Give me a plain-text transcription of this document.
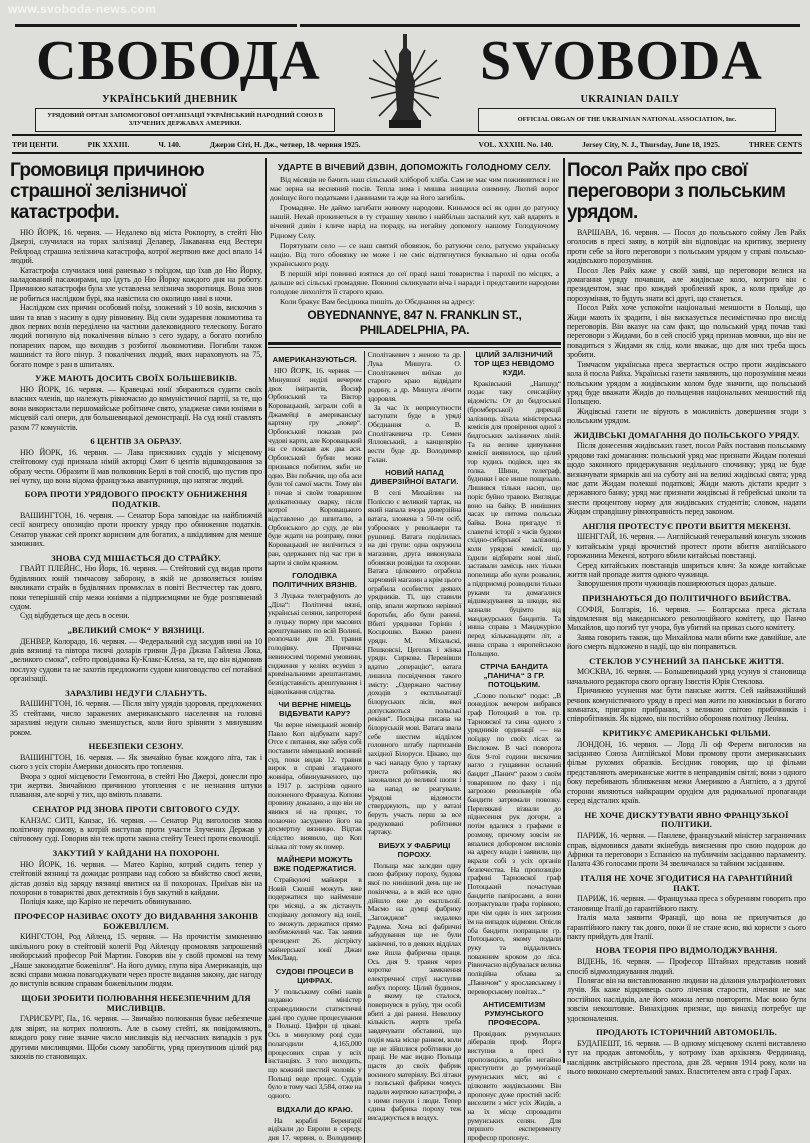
www.svoboda-news.com
СВОБОДА
УКРАЇНСЬКИЙ ДНЕВНИК
УРЯДОВИЙ ОРГАН ЗАПОМОГОВОЇ ОРГАНІЗАЦІЇ УКРАЇНСЬКИЙ НАРОДНИЙ СОЮЗ В ЗЛУЧЕНИХ ДЕРЖАВАХ АМЕРИКИ.
SVOBODA
UKRAINIAN DAILY
OFFICIAL ORGAN OF THE UKRAINIAN NATIONAL ASSOCIATION, Inc.
ТРИ ЦЕНТИ.	РІК XXXIII.	Ч. 140.	Джерзи Сіті, Н. Дж., четвер, 18. червня 1925.	VOL. XXXIII. No. 140.	Jersey City, N. J., Thursday, June 18, 1925.	THREE CENTS
Громовиця причиною страшної зелізничої катастрофи.

НЮ ЙОРК, 16. червня. — Недалеко від міста Рокпорту, в стейті Ню Джерзі, случилася на торах залізниці Делавер, Лакаванна енд Вестерн Рейлроад страшна зелізнича катастрофа, котрої жертвою вже досі впало 14 людий.

Катастрофа случилася нині раненько з поїздом, що їхав до Ню Йорку, наладований пасажирами, що їдуть до Ню Йорку кождого дня на роботу. Причиною катастрофи була зле уставлена зелізнича зворотниця. Вона знов не робиться наслідком бурі, яка навістила сю околицю нині в ночи.

Наслідком сих причин особовий поїзд, зложений з 10 возів, вискочив з шин та впав з насипу в одну рівновину. Від сили зударення локомотива та двох первих возів переділено на частини далековидного телескопу. Богато людий погинуло від покалічення вільно з сего зудару, а богато погибло попарених паром, що виходив з розбитої льокомотиви. Погибли також машиніст та його пінур. З покалічених людий, яких нараховують на 75, богато помре з ран в шпиталях.

УЖЕ МАЮТЬ ДОСИТЬ СВОЇХ БОЛЬШЕВИКІВ.

НЮ ЙОРК, 16. червня. — Кравецькі юнії збираються судити своїх власних членів, що належуть рівночасно до комуністичної партії, за те, що вони використали першомайське робітниче свято, уладжене сими юніями в місцевій салі опери, для большевицької демонстрації. На суд юнії ставлять разом 77 комуністів.

6 ЦЕНТІВ ЗА ОБРАЗУ.

НЮ ЙОРК, 16. червня. — Лава присяжних суддів у місцевому стейтовому суді признала німій акторці Смит 6 центів відшкодовання за образу чести. Образити її мав полковник Берлі в той спосіб, що пустив про неї чутку, що вона відома французька авантурниця, що натягає людий.

БОРА ПРОТИ УРЯДОВОГО ПРОЄКТУ ОБНИЖЕННЯ ПОДАТКІВ.

ВАШИНГТОН, 16. червня. — Сенатор Бора заповідає на найближчій сесії конгресу опозицію проти проєкту уряду про обниження податків. Сенатор уважає сей проєкт корисним для богатих, а шкідливим для менше заможних.

ЗНОВА СУД МІШАЄТЬСЯ ДО СТРАЙКУ.

ГВАЙТ ПЛЕЙНС, Ню Йорк, 16. червня. — Стейтовий суд видав проти будівляних юній тимчасову заборону, в якій не дозволяється юніям викликати страйк в будівляних промислах в повіті Вестчестер так довго, поки теперішній спір межи юніями а підприємцями не буде розглянений судом.

Суд відбудеться ще десь в осени.

„ВЕЛИКИЙ СМОК“ У ВЯЗНИЦІ.

ДЕНВЕР, Колорадо, 16. червня. — Федеральний суд засудив нині на 10 днів вязниці та півтора тисячі доларів гривни Д-ра Джана Гайлена Лока, „великого смока“, себто провідника Ку-Клакс-Клена, за те, що він відмовив послуху судови та не захотів предложити судови книговодство сеї потайної організації.

ЗАРАЗЛИВІ НЕДУГИ СЛАБНУТЬ.

ВАШИНГТОН, 16. червня. — Після звіту урядів здоровля, предложених 35 стейтами, число заражених американського населення на головні заразливі недуги сильно зменшується, коли його зрівняти з минувшим роком.

НЕБЕЗПЕКИ СЕЗОНУ.

ВАШИНГТОН, 16. червня. — Як звичайно буває кождого літа, так і сього з усіх сторін Америки доносять про топлення.

Вчора з одної місцевости Гемонтона, в стейті Ню Джерзі, донесли про три жертви. Звичайною причиною утоплення є не незнання штуки плавання, але корчі у тих, що вміють плавати.

СЕНАТОР РІД ЗНОВА ПРОТИ СВІТОВОГО СУДУ.

КАНЗАС СИТІ, Канзас, 16. червня. — Сенатор Рід виголосив знова політичну промову, в котрій виступав проти участи Злучених Держав у світовому суді. Говорив він теж проти закона стейту Тенесі проти еволюції.

ЗАКУТИЙ У КАЙДАНИ НА ПОХОРОНІ.

НЮ ЙОРК, 16. червня. — Матео Каріно, котрий сидить тепер у стейтовій вязниці та дожидає розправи над собою за вбийство своєї жени, дістав дозвіл від заряду вязниці явитися на її похоронах. Приїхав він на похорони в товаристві двох детективів і був закутий в кайдани.

Поліція каже, що Каріно не перечить обвинуванню.

ПРОФЕСОР НАЗИВАЄ ОХОТУ ДО ВИДАВАННЯ ЗАКОНІВ БОЖЕВІЛЛЄМ.

КИНГСТОН, Род Айленд, 15. червня. — На прочистім замкненню шкільного року в стейтовій колегії Род Айленду промовляв запрошений нюйорський професор Рой Мартин. Говорив він у своїй промові на тему „Наше законодатне божевілля“. На його думку, глупа віра Американців, що всякі справи можна повагоджувати через просте видання закону, дає нагоду до виступів всяким справам божевільним людям.

ЩОБИ ЗРОБИТИ ПОЛЮВАННЯ НЕБЕЗПЕЧНИМ ДЛЯ МИСЛИВЦІВ.

ГАРИСБУРГ, Па., 16. червня. — Звичайно полювання буває небезпечне для звірят, на котрих полюють. Але в сьому стейті, як повідомляють, кождого року гине значне число мисливців від несчасних випадків з рук другими мисливцями. Щоби сьому запобігти, уряд призупинив цілий ряд законів по становищах.

УДАРТЕ В ВІЧЕВИЙ ДЗВІН, ДОПОМОЖІТЬ ГОЛОДНОМУ СЕЛУ.

Від місяців не бачить наш сільський хлібороб хліба. Сам не має чим пожививтися і не має зерна на весняний посів. Тепла зима і мишва знищила озимину. Лютий ворог доніщує його податками і данинами та жде на його загибіль.

Громадяне. Не даймо загибати живому народови. Киньмося всі як один до ратунку нашій. Нехай прокинеться в ту страшну хвилю і найбільш заспалий кут, хай вдарить в вічевий дзвін і кличе нарід на пораду, на негайну допомогу нашому Голодуючому Рідному Селу.

Порятувати село — се наш святий обовязок, бо ратуючи село, ратуємо українську націю. Від того обовязку не може і не сміє відтягнутися буквально ні одна особа українського роду.

В першій мірі повинні взятися до сеї праці наші товариства і парохії по місцях, а дальше всі сільські громадяне. Повинні скликувати віча і наради і представити народови голодове лихоліття її старого краю.

Коли бракує Вам бесідника пишіть до Обєднання на адресу:

OBYEDNANNYE, 847 N. FRANKLIN ST., PHILADELPHIA, PA.
АМЕРИКАНЗУЮТЬСЯ.

НЮ ЙОРК, 16. червня. — Минувшої неділі вечером двох іміґрантів, Йосиф Орбонський та Віктор Коровацький, заграли собі в Джамейці в американську картяну гру „покер“. Орбонський показав раз чудові карти, але Коровацький на се показав аж два аси. Орбонський бубни може признався побитим, якби не одно. Він побачив, що оба аси були тої самої масти. Тому він і почав зі своїм товаришом делікатнєньку сварку, після котрої Коровацького відставлено до шпиталю, а Орбонського до суду, де він буде ждати на розправу, поки Коровацький не вилічиться з ран, одержаних під час гри в карти зі своїм краяном.

ГОЛОДІВКА ПОЛІТИЧНИХ ВЯЗНІВ.

З Луцька телеграфують до „Діла“: Політичні вязні, українські селяни, запроторені в луцьку тюрму при масових арештуваннях по всій Волині, розпочали дня 20. травня голодівку. Причина: невиносимі тюремні умовини, сидження у келіях всуміш з кримінальними арештантами, безпідставність арештування і відволікання слідства.

ЧИ ВЕРНЕ НІМЕЦЬ ВІДБУВАТИ КАРУ?

Чи верне німецький жовнір Павло Коп відбувати кару? Отсе є питання, яке забув собі поставити німецький воєнний суд, поки видав 12. травня вирок в справі згаданого жовніра, обвинуваченого, що в 1917 р. застріляв одного полоненого Француза. Копови провину доказано, а що він не явився ні на процес, то позаочно засуджено його на досмертну вязницю. Відтак слідство виявило, що Коп кілька літ тому як помер.

МАЙНЕРИ МОЖУТЬ ВЖЕ ПОДЕРЖАТИСЯ.

Страйкуючі майнери в Новій Скошії можуть вже подержатися що найменше три місяці, а як дістануть сподівану допомогу від юнії, то зможуть держатися прямо необмежений час. Так заявив президент 26. дістрікту майнерської юнії Джан МекЛавд.

СУДОВІ ПРОЦЕСИ В ЦИФРАХ.

У польському соймі навів недавно міністер справедливости статистичні дані про судове процесування в Польщі. Цифри ці цікаві. Ось в минулому році суди полагодили 4,165,000 процесових справ у всіх інстанціях. З того виходить, що кожний шестий чоловік у Польщі веде процес. Суддів було в тому часі 3,584, отже на одного.

ВІДХАЛИ ДО КРАЮ.

На кораблі Беренґарії відїхали до Европи в середу, дня 17. червня, о. Володимир Сполітакевич з женою та др. Лука Мишуга. О. Сполітакевич виїхав до старого краю відвідати родину, а др. Мишуга лічити здоровля.

За час їх неприсутности заступати буде в уряді Обєднання о. В. Сполітакевича гр. Семен Ялловський, а канцелярію вести буде др. Володимир Галан.

НОВИЙ НАПАД ДИВЕРЗІЙНОЇ ВАТАГИ.

В селі Михайлин на Поліссю є великий тартак, на який напала вчора диверзійна ватага, зложена з 50-ти осіб, узброєних у револьвери та рушниці. Ватага поділилась на дві групи: одна окружила магазини, друга виконувала обовязки розвідки та охорони. Ватага цілковито ограбила харчовий магазин а крім цього ограбила особистих деяких урядників. Ті, що ставили опір, впали жертвою нерівної боротьби, або були ранені. Вбиті урядники Горінін і Косцюшко. Важко ранені урядн. М. Міхальскі, Пешковскі, Цеґелак і жінка урядн. Сиркова. Перевівши вдатно „операцію“, ватага лишила посвідчення такого змісту: „Одержано частину доходів з експльоатації білоруських лісів, якої допускаються польські рекіни“. Посвідка писана на білоруській мові. Ватага звала себе шестим відділом головного штабу партизанів західної Білоруси. Цікаво, що в часі нападу було у тартаку триста робітників, які заховалися до великої шопи і на напад не реагували. Урядові відомости стверджують, що у ватазі беруть участь перш за все зредуковані робітники тартаку.

ВИБУХ У ФАБРИЦІ ПОРОХУ.

Польща має залєдви одну свою фабрику пороху, будова якої по нинішний день ще не покінчена, а в якій все одно дійшло вже до експльозії. Маємо на думці фабрику „Загожджов“ недалеко Радома. Хоча всі фабричні забудування ще не були закінчені, то в деяких відділах вже йшла фабрична праця. Ось дня 9. травня через коротке замкнення електричної струї наступив вибух пороху. Цілий будинок, в якому це сталося, повернувся в руїну, три особі вбиті а дві ранені. Невелику кількість жертв треба завдячувати обставині, що подія мала місце ранком, коли ще не зійшлися робітники до праці. Не має видно Польща щастя до своїх фабрик воєнного матеріялу. Всі літаки з польської фабрики чомусь падали жертвою катастрофи, а з ними гинули і люди. Тепер єдина фабрика пороху теж висаджується в воздух.

ЦІЛИЙ ЗАЛІЗНИЧИЙ ТОР ЩЕЗ НЕВІДОМО КУДИ.

Краківський „Напшуд“ подає таку сенсаційну відомість: От до бидгоської (бромберської) дирекції залізниць зїхала міністерська комісія для провірення одної з бидгоських залізничих ліній. Та на велике здивування комісії виявилося, що цілий тор кудись подівся, щез як голка. Шини, телеграф, будинки і все инше пощезало. Лишився тільки насип, що поріс буйно травою. Виглядає воно на байку. В нинішних часах це питома польська байка. Вона пригадує ті славетні історії з часів будови східно-сибірської залізниці, коли урядові комісії, що їздили відбирати нові лінії, заставали замісць них тільки попелища або купи розвалин, а підприємці розводили тільки руками та домагалися відшкодування за шкоди, які зазнали буцімто від манджурських бандитів. Та инша справа з Манджурією перед кільканадцяти літ, а инша справа з европейською Польщею.

СТРІЧА БАНДИТА „ПАНИЧА“ З ГР. ПОТОЦЬКИМ.

„Слово польске“ подає: „В понеділок вечером вибрався граф Потоцкий в тов. гр. Тарновскої та сина одного з урядників ординації — на поїздку по своїх лісах за Вислоком. В часі поворота біля 9-тої години вискочив нагло з гущавини осланий бандит „Панич“ разом з своїм товаришом по фаху і під загрозою револьверів оба бандити затримали повозку. Перелякані візвали до піднесення рук догори, а потім вдалися з графами в розмову, причому зовсім не вязалися доборомом висловів на адресу влади і заявили, що вкрали собі з усіх органів безпечества. На пропозицію графині Тарновскої граф Потоцький почастував бандитів папіросами, а вони потрактували графа горівкою, при чім один із них загрозив їм на випадок відмови. Опісля оба бандити попращали гр. Потоцького, якому подали руку та віддалились поважним кроком до ліса. Рівночасно відбувалася велика поліційна облава за „Паничом“ у ярославському і переворському повітах...“

АНТИСЕМІТИЗМ РУМУНСЬКОГО ПРОФЕСОРА.

Провідник румунських лібералів проф. Йорга виступив в пресі з пропозицією, щоби негайно приступити до румунізації румунських міст, які є цілковито жидівськими. Він пропонує дуже простий засіб: виселити з міст усіх Жидів, а на їх місце спровадити румунських селян. Для першого експерименту професор пропонує.

Посол Райх про свої переговори з польським урядом.

ВАРШАВА, 16. червня. — Посол до польського сойму Лев Райх оголосив в пресі заяву, в котрій він відповідає на критику, звернену проти себе за його переговори з польським урядом у справі польсько-жидівського порозуміння.

Посол Лев Райх каже у своїй заяві, що переговори велися на домагання уряду почавши, але жидівське коло, котрого він є президентом, знає про кождий зроблений крок, а коли прийде до порозуміння, то будуть знати всі другі, що станеться.

Посол Райх хоче успокоїти національні меншости в Польщі, що Жиди мають їх зрадити, і він висказується песимістично про вислід переговорів. Він вказує на сам факт, що польський уряд почав такі переговори з Жидами, бо в сей спосіб уряд признав мовчки, що він не повадиться з Жидами як слід, коли вважає, що для них треба щось зробити.

Тимчасом українська преса звертається остро проти жидівського кола й посла Райха. Українські газети заявляють, що порозуміння межи польським урядом а жидівським колом буде значити, що польський уряд буде вважати Жидів до польщення національних меншостий під Польщею.

Жидівські газети не вірують в можливість довершення згоди з польським урядом.

ЖИДІВСЬКІ ДОМАГАННЯ ДО ПОЛЬСЬКОГО УРЯДУ.

Після донесення жидівських газет, посол Райх поставив польському урядови такі домагання: польський уряд має признати Жидам полекші щодо законного придержування недільного спочинку; уряд не буде визначувати ярмарків ані на суботу ані на великі жидівські свята; уряд має дати Жидам полекші податкові; Жиди мають дістати кредит з державного банку; уряд має признати жидівські й гебрейські школи та знести процентову норму для жидівських студентів; словом, надати Жидам справдішну рівноправність перед законом.

АНГЛІЯ ПРОТЕСТУЄ ПРОТИ ВБИТТЯ МЕКЕНЗІ.

ШЕНГГАЙ, 16. червня. — Англійський генеральний консуль зложив у китайськім уряді врочистий протест проти вбиття англійського горожанина Мекензі, котрого вбили китайські повстанці.

Серед китайських повстанців шириться клич: За кожде китайське життя най пропаде життя одного чужинця.

Заворушення проти чужинців поширюються щораз дальше.

ПРИЗНАЮТЬСЯ ДО ПОЛІТИЧНОГО ВБИЙСТВА.

СОФІЯ, Болгарія, 16. червня. — Болгарська преса дістала зівдомлення від македонського революційного комітету, що Панчо Михайлов, що погиб тут учора, був убитий на приказ сього комітету.

Заява говорить також, що Михайлова мали вбити вже давнійше, але його смерть відложено в надії, що він поправиться.

СТЕКЛОВ УСУНЕНИЙ ЗА ПАНСЬКЕ ЖИТТЯ.

МОСКВА, 16. червня. — Большевицький уряд усунув зі становища начального редактора свого органу Ізвєстія Юрія Стеклова.

Причиною усунення має бути панське життя. Сей найважнійший речник комуністичного уряду в пресі мав жити по княжівськи в богато комнатах, пригарно прибраних, з великою світою прибічників і співробітників. Як відомо, він постійно обороняв політику Леніна.

КРИТИКУЄ АМЕРИКАНСЬКІ ФІЛЬМИ.

ЛОНДОН, 16. червня. — Лорд Лі оф Ферегм виголосив на засіданню Союза Англійської Мови промову проти американських фільм рухомих образків. Бесідник говорив, що ці фільми представляють американське життя в неправдивім світлі; вони з одного боку перебивають збливження межи Америкою а Англією, а з другої сторони являються найкращим орудієм для радикальної пропаганди серед відсталих країв.

НЕ ХОЧЕ ДИСКУТУВАТИ ЯВНО ФРАНЦУЗЬКОЇ ПОЛІТИКИ.

ПАРИЖ, 16. червня. — Панлеве, французький міністер заграничних справ, відмовився давати якінебудь вияснення про свою подорож до Африки та переговори з Еспанією на публичнім засіданню парламенту. Палата 436 голосами проти 34 звеличалася за тайним засіданням.

ІТАЛІЯ НЕ ХОЧЕ ЗГОДИТИСЯ НА ГАРАНТІЙНИЙ ПАКТ.

ПАРИЖ, 16. червня. — Французька преса з обуренням говорить про становище Італії до гарантійного пакту.

Італія мала заявити Франції, що вона не прилучиться до гарантійного пакту так довго, поки її не стане ясно, які користи з сього пакту прийдуть для Італії.

НОВА ТЕОРІЯ ПРО ВІДМОЛОДЖУВАННЯ.

ВІДЕНЬ, 16. червня. — Професор Штайнах представив новий спосіб відмолоджування людий.

Полягає він на виставлюванню людини на ділання ультрафіолетових лучів. Як каже відкривець сього лічення старости, лічення не має постійних наслідків, але його можна легко повторити. Має воно бути зовсім некоштовне. Винахідник признає, що винахід потребує ще удосконалення.

ПРОДАЮТЬ ІСТОРИЧНИЙ АВТОМОБІЛЬ.

БУДАПЕШТ, 16. червня. — В одному місцевому склепі виставлено тут на продаж автомобіль, у котрому їхав архікнязь Фердинанд, наслідник австрійського престола, дня 28. червня 1914 року, коли на нього виконано смертельний замах. Властителем авта є граф Гарах.
